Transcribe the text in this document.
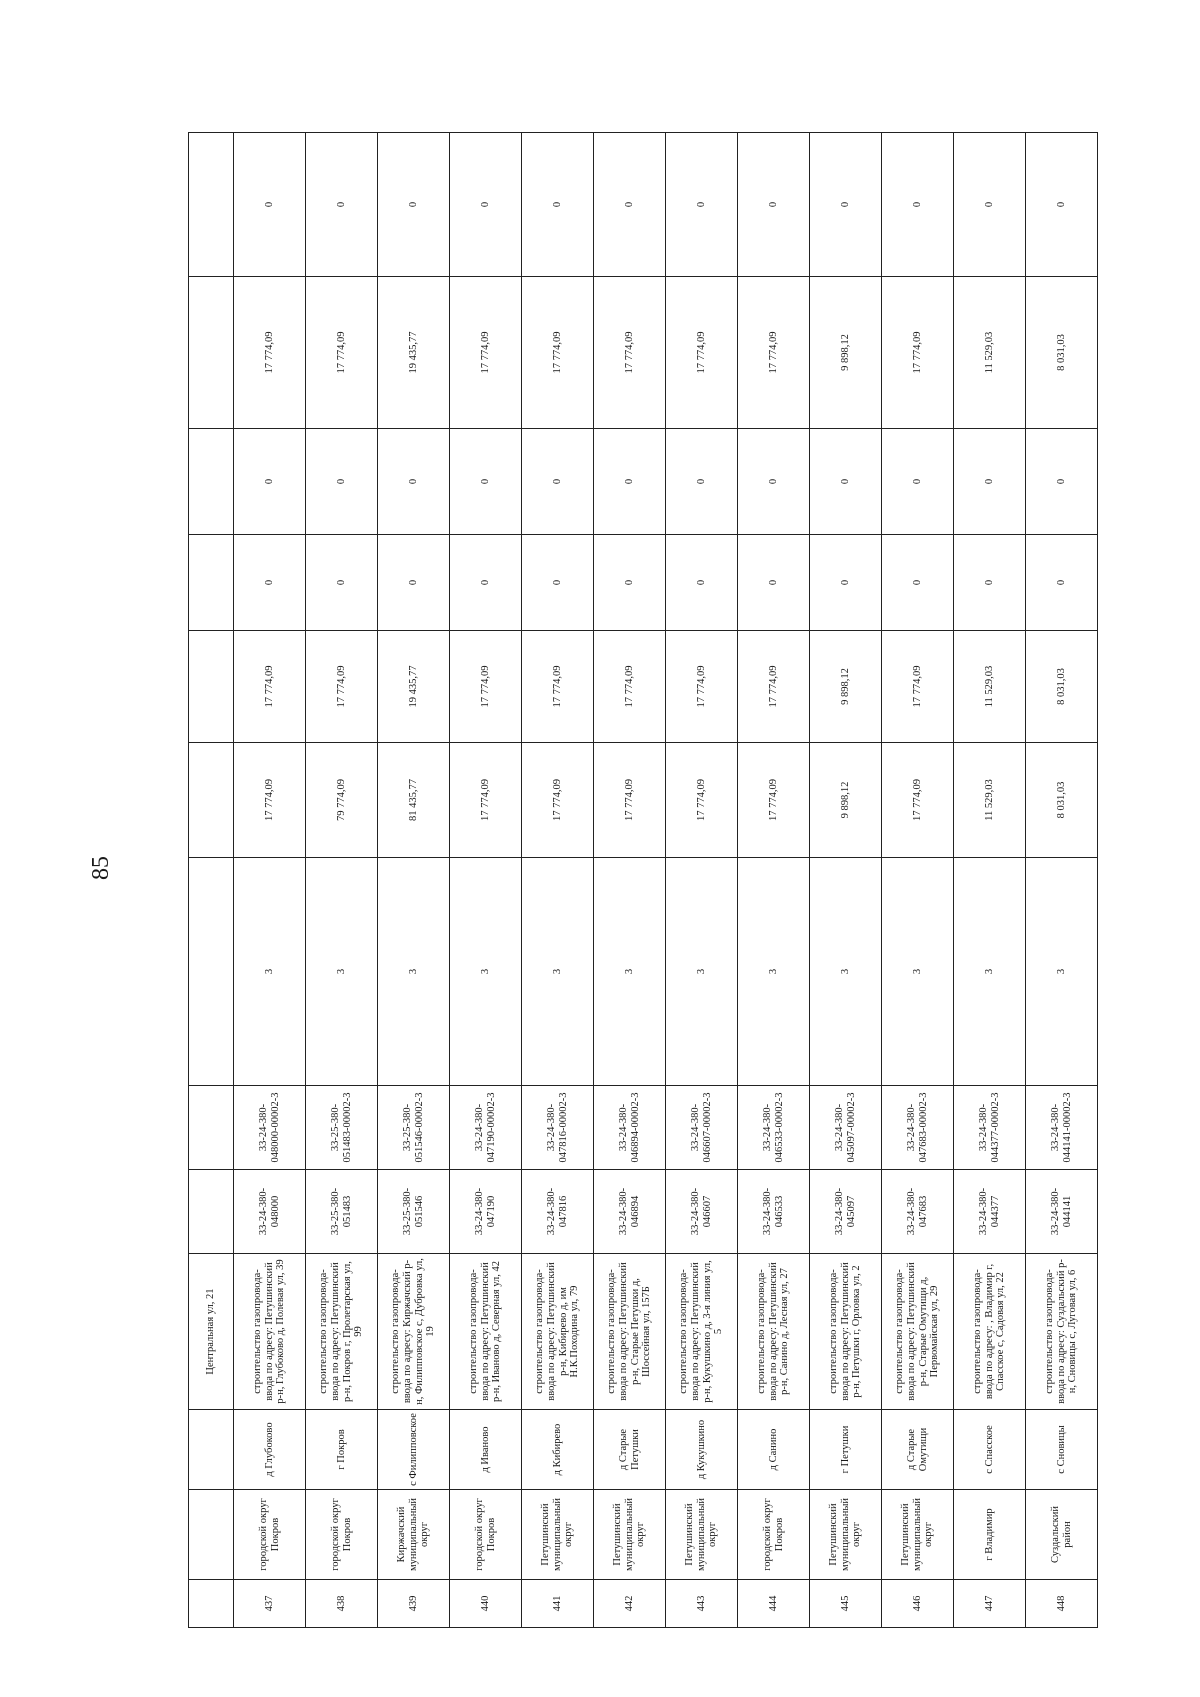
85
			Центральная ул, 21									
437	городской округ Покров	д Глубоково	строительство газопровода-ввода по адресу: Петушинский р-н, Глубоково д, Полевая ул, 39	33-24-380-048000	33-24-380-048000-00002-3	3	17 774,09	17 774,09	0	0	17 774,09	0
438	городской округ Покров	г Покров	строительство газопровода-ввода по адресу: Петушинский р-н, Покров г, Пролетарская ул, 99	33-25-380-051483	33-25-380-051483-00002-3	3	79 774,09	17 774,09	0	0	17 774,09	0
439	Киржачский муниципальный округ	с Филипповское	строительство газопровода-ввода по адресу: Киржачский р-н, Филипповское с, Дубровка ул, 19	33-25-380-051546	33-25-380-051546-00002-3	3	81 435,77	19 435,77	0	0	19 435,77	0
440	городской округ Покров	д Иваново	строительство газопровода-ввода по адресу: Петушинский р-н, Иваново д, Северная ул, 42	33-24-380-047190	33-24-380-047190-00002-3	3	17 774,09	17 774,09	0	0	17 774,09	0
441	Петушинский муниципальный округ	д Кибирево	строительство газопровода-ввода по адресу: Петушинский р-н, Кибирево д, им Н.К.Походина ул, 79	33-24-380-047816	33-24-380-047816-00002-3	3	17 774,09	17 774,09	0	0	17 774,09	0
442	Петушинский муниципальный округ	д Старые Петушки	строительство газопровода-ввода по адресу: Петушинский р-н, Старые Петушки д, Шоссейная ул, 157Б	33-24-380-046894	33-24-380-046894-00002-3	3	17 774,09	17 774,09	0	0	17 774,09	0
443	Петушинский муниципальный округ	д Кукушкино	строительство газопровода-ввода по адресу: Петушинский р-н, Кукушкино д, 3-я линия ул, 5	33-24-380-046607	33-24-380-046607-00002-3	3	17 774,09	17 774,09	0	0	17 774,09	0
444	городской округ Покров	д Санино	строительство газопровода-ввода по адресу: Петушинский р-н, Санино д, Лесная ул, 27	33-24-380-046533	33-24-380-046533-00002-3	3	17 774,09	17 774,09	0	0	17 774,09	0
445	Петушинский муниципальный округ	г Петушки	строительство газопровода-ввода по адресу: Петушинский р-н, Петушки г, Орловка ул, 2	33-24-380-045097	33-24-380-045097-00002-3	3	9 898,12	9 898,12	0	0	9 898,12	0
446	Петушинский муниципальный округ	д Старые Омутищи	строительство газопровода-ввода по адресу: Петушинский р-н, Старые Омутищи д, Первомайская ул, 29	33-24-380-047683	33-24-380-047683-00002-3	3	17 774,09	17 774,09	0	0	17 774,09	0
447	г Владимир	с Спасское	строительство газопровода-ввода по адресу: , Владимир г, Спасское с, Садовая ул, 22	33-24-380-044377	33-24-380-044377-00002-3	3	11 529,03	11 529,03	0	0	11 529,03	0
448	Суздальский район	с Сновицы	строительство газопровода-ввода по адресу: Суздальский р-н, Сновицы с, Луговая ул, 6	33-24-380-044141	33-24-380-044141-00002-3	3	8 031,03	8 031,03	0	0	8 031,03	0
